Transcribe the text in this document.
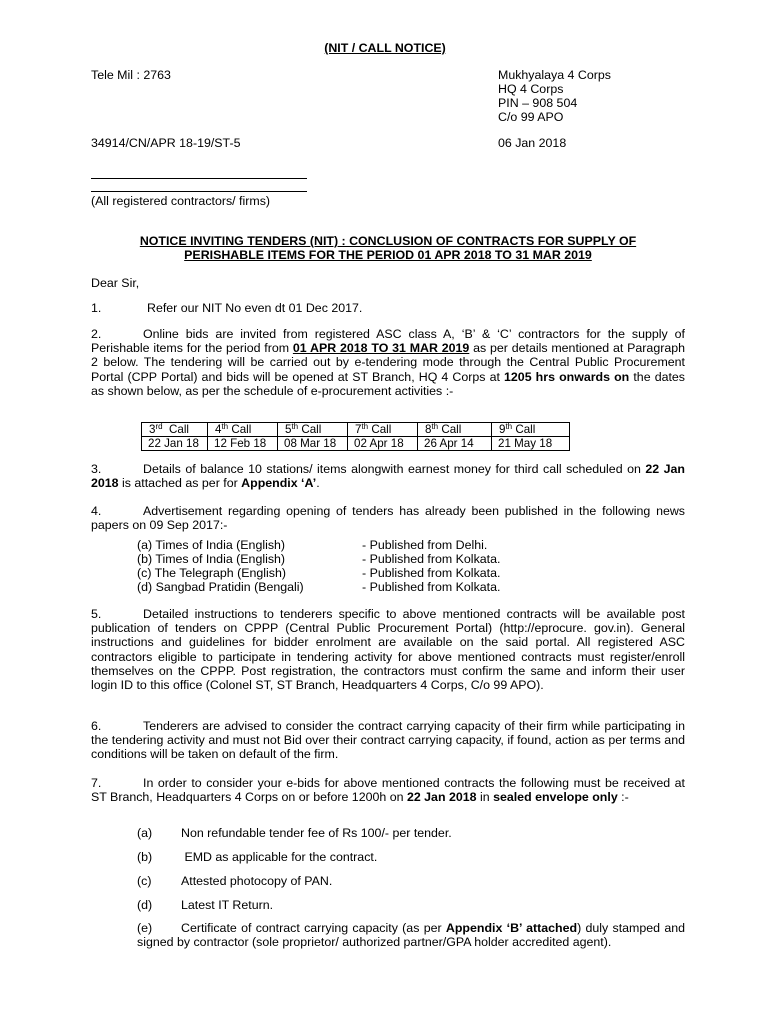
(NIT / CALL NOTICE)
Tele Mil : 2763	Mukhyalaya 4 Corps
HQ 4 Corps
PIN – 908 504
C/o 99 APO
34914/CN/APR 18-19/ST-5	06 Jan 2018
(All registered contractors/ firms)
NOTICE INVITING TENDERS (NIT) : CONCLUSION OF CONTRACTS FOR SUPPLY OF
PERISHABLE ITEMS FOR THE PERIOD 01 APR 2018 TO 31 MAR 2019
Dear Sir,
1.	Refer our NIT No even dt 01 Dec 2017.
2.	Online bids are invited from registered ASC class A, ‘B’ & ‘C’ contractors for the supply of Perishable items for the period from 01 APR 2018 TO 31 MAR 2019 as per details mentioned at Paragraph 2 below. The tendering will be carried out by e-tendering mode through the Central Public Procurement Portal (CPP Portal) and bids will be opened at ST Branch, HQ 4 Corps at 1205 hrs onwards on the dates as shown below, as per the schedule of e-procurement activities :-
3rd Call	4th Call	5th Call	7th Call	8th Call	9th Call
22 Jan 18	12 Feb 18	08 Mar 18	02 Apr 18	26 Apr 14	21 May 18
3.	Details of balance 10 stations/ items alongwith earnest money for third call scheduled on 22 Jan 2018 is attached as per for Appendix ‘A’.
4.	Advertisement regarding opening of tenders has already been published in the following news papers on 09 Sep 2017:-
(a) Times of India (English)	- Published from Delhi.
(b) Times of India (English)	- Published from Kolkata.
(c) The Telegraph (English)	- Published from Kolkata.
(d) Sangbad Pratidin (Bengali)	- Published from Kolkata.
5.	Detailed instructions to tenderers specific to above mentioned contracts will be available post publication of tenders on CPPP (Central Public Procurement Portal) (http://eprocure. gov.in). General instructions and guidelines for bidder enrolment are available on the said portal. All registered ASC contractors eligible to participate in tendering activity for above mentioned contracts must register/enroll themselves on the CPPP. Post registration, the contractors must confirm the same and inform their user login ID to this office (Colonel ST, ST Branch, Headquarters 4 Corps, C/o 99 APO).
6.	Tenderers are advised to consider the contract carrying capacity of their firm while participating in the tendering activity and must not Bid over their contract carrying capacity, if found, action as per terms and conditions will be taken on default of the firm.
7.	In order to consider your e-bids for above mentioned contracts the following must be received at ST Branch, Headquarters 4 Corps on or before 1200h on 22 Jan 2018 in sealed envelope only :-
(a) Non refundable tender fee of Rs 100/- per tender.
(b) EMD as applicable for the contract.
(c) Attested photocopy of PAN.
(d) Latest IT Return.
(e) Certificate of contract carrying capacity (as per Appendix ‘B’ attached) duly stamped and signed by contractor (sole proprietor/ authorized partner/GPA holder accredited agent).
